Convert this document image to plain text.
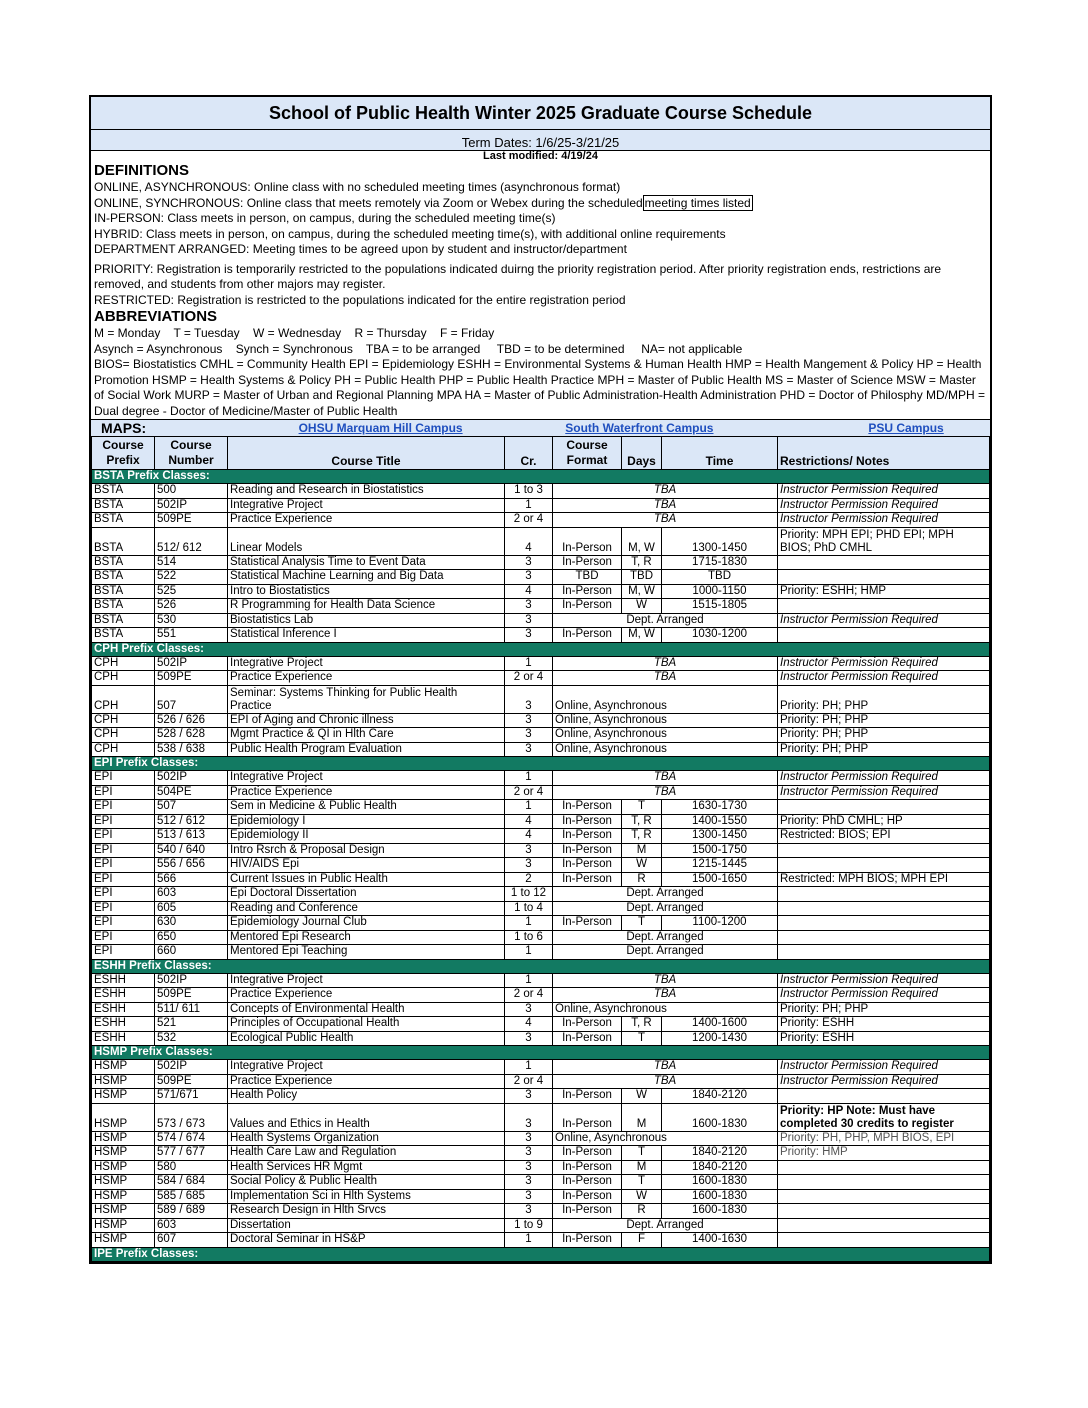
School of Public Health Winter 2025 Graduate Course Schedule
Term Dates: 1/6/25-3/21/25
Last modified: 4/19/24
DEFINITIONS

ONLINE, ASYNCHRONOUS: Online class with no scheduled meeting times (asynchronous format)

ONLINE, SYNCHRONOUS: Online class that meets remotely via Zoom or Webex during the scheduled meeting times listed

IN-PERSON: Class meets in person, on campus, during the scheduled meeting time(s)

HYBRID: Class meets in person, on campus, during the scheduled meeting time(s), with additional online requirements

DEPARTMENT ARRANGED: Meeting times to be agreed upon by student and instructor/department

PRIORITY: Registration is temporarily restricted to the populations indicated duirng the priority registration period. After priority registration ends, restrictions are removed, and students from other majors may register.

RESTRICTED: Registration is restricted to the populations indicated for the entire registration period

ABBREVIATIONS

M = Monday    T = Tuesday    W = Wednesday    R = Thursday    F = Friday

Asynch = Asynchronous    Synch = Synchronous    TBA = to be arranged     TBD = to be determined     NA= not applicable

BIOS= Biostatistics CMHL = Community Health EPI = Epidemiology ESHH = Environmental Systems & Human Health HMP = Health Mangement & Policy HP = Health Promotion HSMP = Health Systems & Policy PH = Public Health PHP = Public Health Practice MPH = Master of Public Health MS = Master of Science MSW = Master of Social Work MURP = Master of Urban and Regional Planning MPA HA = Master of Public Administration-Health Administration PHD = Doctor of Philosphy MD/MPH = Dual degree - Doctor of Medicine/Master of Public Health

MAPS:	OHSU Marquam Hill Campus	South Waterfront Campus	PSU Campus
Course Prefix	Course Number	Course Title	Cr.	Course Format	Days	Time	Restrictions/ Notes
BSTA Prefix Classes:							
BSTA	500	Reading and Research in Biostatistics	1 to 3	TBA			Instructor Permission Required
BSTA	502IP	Integrative Project	1	TBA			Instructor Permission Required
BSTA	509PE	Practice Experience	2 or 4	TBA			Instructor Permission Required
BSTA	512/ 612	Linear Models	4	In-Person	M, W	1300-1450	Priority: MPH EPI; PHD EPI; MPH BIOS; PhD CMHL
BSTA	514	Statistical Analysis Time to Event Data	3	In-Person	T, R	1715-1830	
BSTA	522	Statistical Machine Learning and Big Data	3	TBD	TBD	TBD	
BSTA	525	Intro to Biostatistics	4	In-Person	M, W	1000-1150	Priority: ESHH; HMP
BSTA	526	R Programming for Health Data Science	3	In-Person	W	1515-1805	
BSTA	530	Biostatistics Lab	3	Dept. Arranged			Instructor Permission Required
BSTA	551	Statistical Inference I	3	In-Person	M, W	1030-1200	
CPH Prefix Classes:							
CPH	502IP	Integrative Project	1	TBA			Instructor Permission Required
CPH	509PE	Practice Experience	2 or 4	TBA			Instructor Permission Required
CPH	507	Seminar: Systems Thinking for Public Health Practice	3	Online, Asynchronous			Priority: PH; PHP
CPH	526 / 626	EPI of Aging and Chronic illness	3	Online, Asynchronous			Priority: PH; PHP
CPH	528 / 628	Mgmt Practice & QI in Hlth Care	3	Online, Asynchronous			Priority: PH; PHP
CPH	538 / 638	Public Health Program Evaluation	3	Online, Asynchronous			Priority: PH; PHP
EPI Prefix Classes:							
EPI	502IP	Integrative Project	1	TBA			Instructor Permission Required
EPI	504PE	Practice Experience	2 or 4	TBA			Instructor Permission Required
EPI	507	Sem in Medicine & Public Health	1	In-Person	T	1630-1730	
EPI	512 / 612	Epidemiology I	4	In-Person	T, R	1400-1550	Priority: PhD CMHL; HP
EPI	513 / 613	Epidemiology II	4	In-Person	T, R	1300-1450	Restricted: BIOS; EPI
EPI	540 / 640	Intro Rsrch & Proposal Design	3	In-Person	M	1500-1750	
EPI	556 / 656	HIV/AIDS Epi	3	In-Person	W	1215-1445	
EPI	566	Current Issues in Public Health	2	In-Person	R	1500-1650	Restricted: MPH BIOS; MPH EPI
EPI	603	Epi Doctoral Dissertation	1 to 12	Dept. Arranged			
EPI	605	Reading and Conference	1 to 4	Dept. Arranged			
EPI	630	Epidemiology Journal Club	1	In-Person	T	1100-1200	
EPI	650	Mentored Epi Research	1 to 6	Dept. Arranged			
EPI	660	Mentored Epi Teaching	1	Dept. Arranged			
ESHH Prefix Classes:							
ESHH	502IP	Integrative Project	1	TBA			Instructor Permission Required
ESHH	509PE	Practice Experience	2 or 4	TBA			Instructor Permission Required
ESHH	511/ 611	Concepts of Environmental Health	3	Online, Asynchronous			Priority: PH; PHP
ESHH	521	Principles of Occupational Health	4	In-Person	T, R	1400-1600	Priority: ESHH
ESHH	532	Ecological Public Health	3	In-Person	T	1200-1430	Priority: ESHH
HSMP Prefix Classes:							
HSMP	502IP	Integrative Project	1	TBA			Instructor Permission Required
HSMP	509PE	Practice Experience	2 or 4	TBA			Instructor Permission Required
HSMP	571/671	Health Policy	3	In-Person	W	1840-2120	
HSMP	573 / 673	Values and Ethics in Health	3	In-Person	M	1600-1830	Priority: HP Note: Must have completed 30 credits to register
HSMP	574 / 674	Health Systems Organization	3	Online, Asynchronous			Priority: PH, PHP, MPH BIOS, EPI
HSMP	577 / 677	Health Care Law and Regulation	3	In-Person	T	1840-2120	Priority: HMP
HSMP	580	Health Services HR Mgmt	3	In-Person	M	1840-2120	
HSMP	584 / 684	Social Policy & Public Health	3	In-Person	T	1600-1830	
HSMP	585 / 685	Implementation Sci in Hlth Systems	3	In-Person	W	1600-1830	
HSMP	589 / 689	Research Design in Hlth Srvcs	3	In-Person	R	1600-1830	
HSMP	603	Dissertation	1 to 9	Dept. Arranged			
HSMP	607	Doctoral Seminar in HS&P	1	In-Person	F	1400-1630	
IPE Prefix Classes:							
